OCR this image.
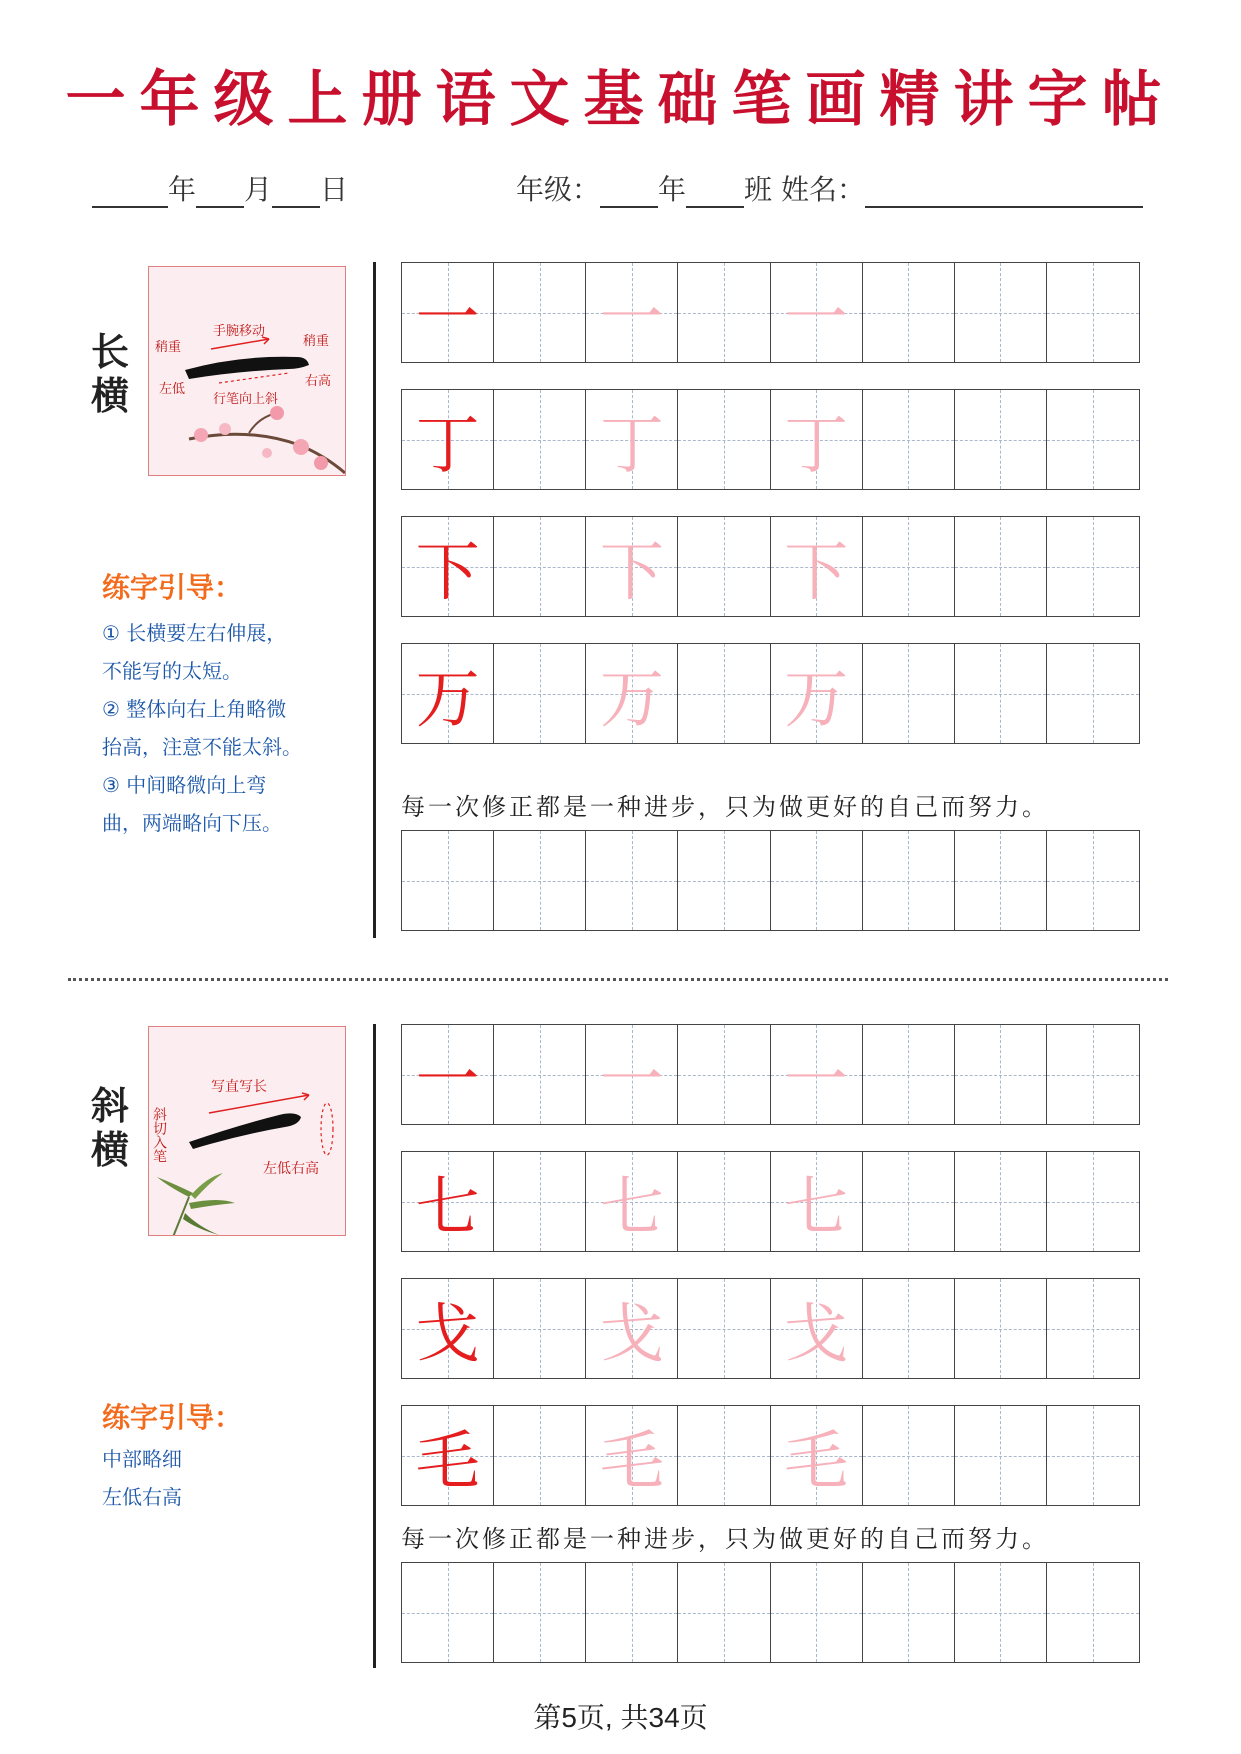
一年级上册语文基础笔画精讲字帖
年 月 日	年级： 年 班 姓名：
手腕移动
稍重	稍重
左低
右高
行笔向上斜
长横
练字引导：
① 长横要左右伸展，
不能写的太短。
② 整体向右上角略微
抬高，注意不能太斜。
③ 中间略微向上弯
曲，两端略向下压。
一 一 一
丁 丁 丁
下 下 下
万 万 万
每一次修正都是一种进步，只为做更好的自己而努力。
写直写长
斜切入笔
左低右高
斜横
练字引导：
中部略细
左低右高
一 一 一
七 七 七
戈 戈 戈
毛 毛 毛
每一次修正都是一种进步，只为做更好的自己而努力。
第5页, 共34页
